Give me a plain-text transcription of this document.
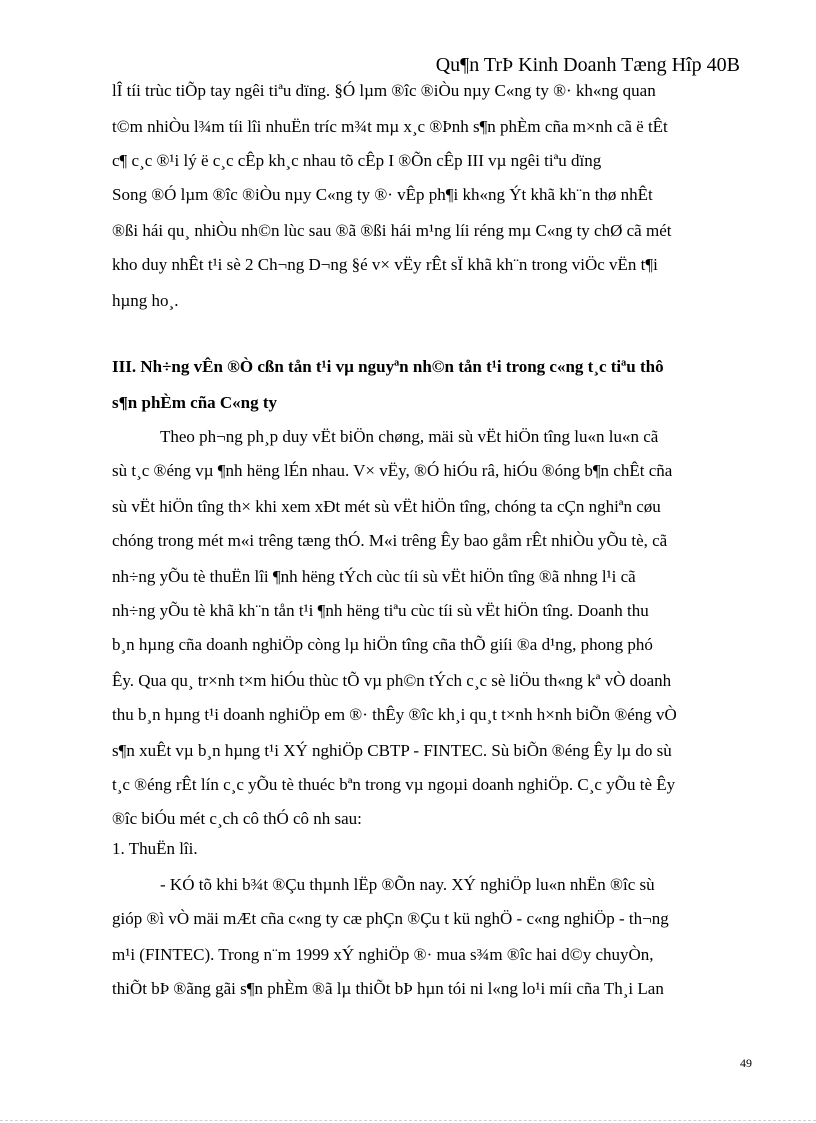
Qu¶n TrÞ Kinh Doanh Tæng Hîp 40B
lÎ tíi trùc tiÕp tay ngêi tiªu dïng. §Ó lµm ®îc ®iÒu nµy C«ng ty ®· kh«ng quan
t©m nhiÒu l¾m tíi lîi nhuËn tríc m¾t mµ x¸c ®Þnh s¶n phÈm cña m×nh cã ë tÊt
c¶ c¸c ®¹i lý ë c¸c cÊp kh¸c nhau tõ cÊp I ®Õn cÊp III vµ ngêi tiªu dïng
Song ®Ó lµm ®îc ®iÒu nµy C«ng ty ®· vÊp ph¶i kh«ng Ýt khã kh¨n thø nhÊt
®ßi hái qu¸ nhiÒu nh©n lùc sau ®ã ®ßi hái m¹ng líi réng mµ C«ng ty chØ cã mét
kho duy nhÊt t¹i sè 2 Ch¬ng D¬ng §é v× vËy rÊt sÏ khã kh¨n trong viÖc vËn t¶i
hµng ho¸.
III. Nh÷ng vÊn ®Ò cßn tån t¹i vµ nguyªn nh©n tån t¹i trong c«ng t¸c tiªu thô
s¶n phÈm cña C«ng ty
Theo ph¬ng ph¸p duy vËt biÖn chøng, mäi sù vËt hiÖn tîng lu«n lu«n cã
sù t¸c ®éng vµ ¶nh hëng lÉn nhau. V× vËy, ®Ó hiÓu râ, hiÓu ®óng b¶n chÊt cña
sù vËt hiÖn tîng th× khi xem xÐt mét sù vËt hiÖn tîng, chóng ta cÇn nghiªn cøu
chóng trong mét m«i trêng tæng thÓ. M«i trêng Êy bao gåm rÊt nhiÒu yÕu tè, cã
nh÷ng yÕu tè thuËn lîi ¶nh hëng tÝch cùc tíi sù vËt hiÖn tîng ®ã nhng l¹i cã
nh÷ng yÕu tè khã kh¨n tån t¹i ¶nh hëng tiªu cùc tíi sù vËt hiÖn tîng. Doanh thu
b¸n hµng cña doanh nghiÖp còng lµ hiÖn tîng cña thÕ giíi ®a d¹ng, phong phó
Êy. Qua qu¸ tr×nh t×m hiÓu thùc tÕ vµ ph©n tÝch c¸c sè liÖu th«ng kª vÒ doanh
thu b¸n hµng t¹i doanh nghiÖp em ®· thÊy ®îc kh¸i qu¸t t×nh h×nh biÕn ®éng vÒ
s¶n xuÊt vµ b¸n hµng t¹i XÝ nghiÖp CBTP - FINTEC. Sù biÕn ®éng Êy lµ do sù
t¸c ®éng rÊt lín c¸c yÕu tè thuéc bªn trong vµ ngoµi doanh nghiÖp. C¸c yÕu tè Êy
®îc biÓu mét c¸ch cô thÓ cô nh sau:
1. ThuËn lîi.
- KÓ tõ khi b¾t ®Çu thµnh lËp ®Õn nay. XÝ nghiÖp lu«n nhËn ®îc sù
gióp ®ì vÒ mäi mÆt cña c«ng ty cæ phÇn ®Çu t kü nghÖ - c«ng nghiÖp - th¬ng
m¹i (FINTEC). Trong n¨m 1999 xÝ nghiÖp ®· mua s¾m ®îc hai d©y chuyÒn,
thiÕt bÞ ®ãng gãi s¶n phÈm ®ã lµ thiÕt bÞ hµn tói ni l«ng lo¹i míi cña Th¸i Lan
49
